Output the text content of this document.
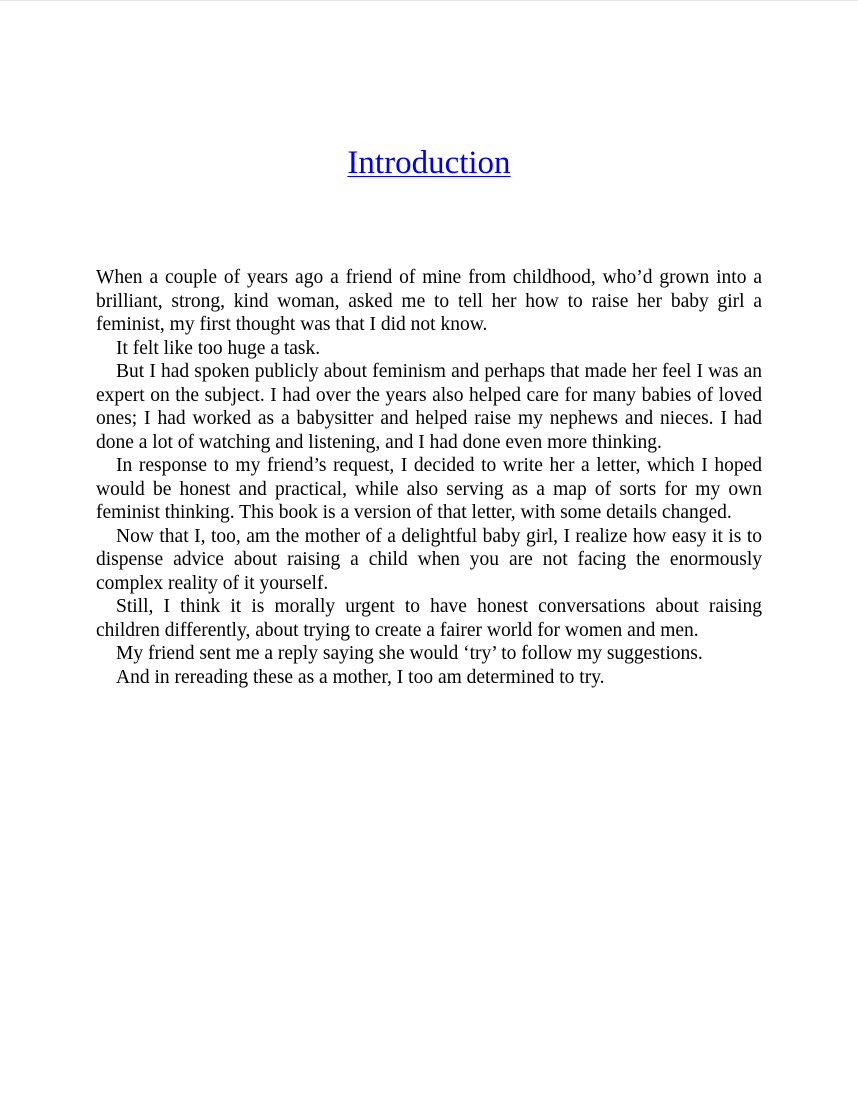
Introduction

When a couple of years ago a friend of mine from childhood, who’d grown into a brilliant, strong, kind woman, asked me to tell her how to raise her baby girl a feminist, my first thought was that I did not know.

It felt like too huge a task.

But I had spoken publicly about feminism and perhaps that made her feel I was an expert on the subject. I had over the years also helped care for many babies of loved ones; I had worked as a babysitter and helped raise my nephews and nieces. I had done a lot of watching and listening, and I had done even more thinking.

In response to my friend’s request, I decided to write her a letter, which I hoped would be honest and practical, while also serving as a map of sorts for my own feminist thinking. This book is a version of that letter, with some details changed.

Now that I, too, am the mother of a delightful baby girl, I realize how easy it is to dispense advice about raising a child when you are not facing the enormously complex reality of it yourself.

Still, I think it is morally urgent to have honest conversations about raising children differently, about trying to create a fairer world for women and men.

My friend sent me a reply saying she would ‘try’ to follow my suggestions.

And in rereading these as a mother, I too am determined to try.
